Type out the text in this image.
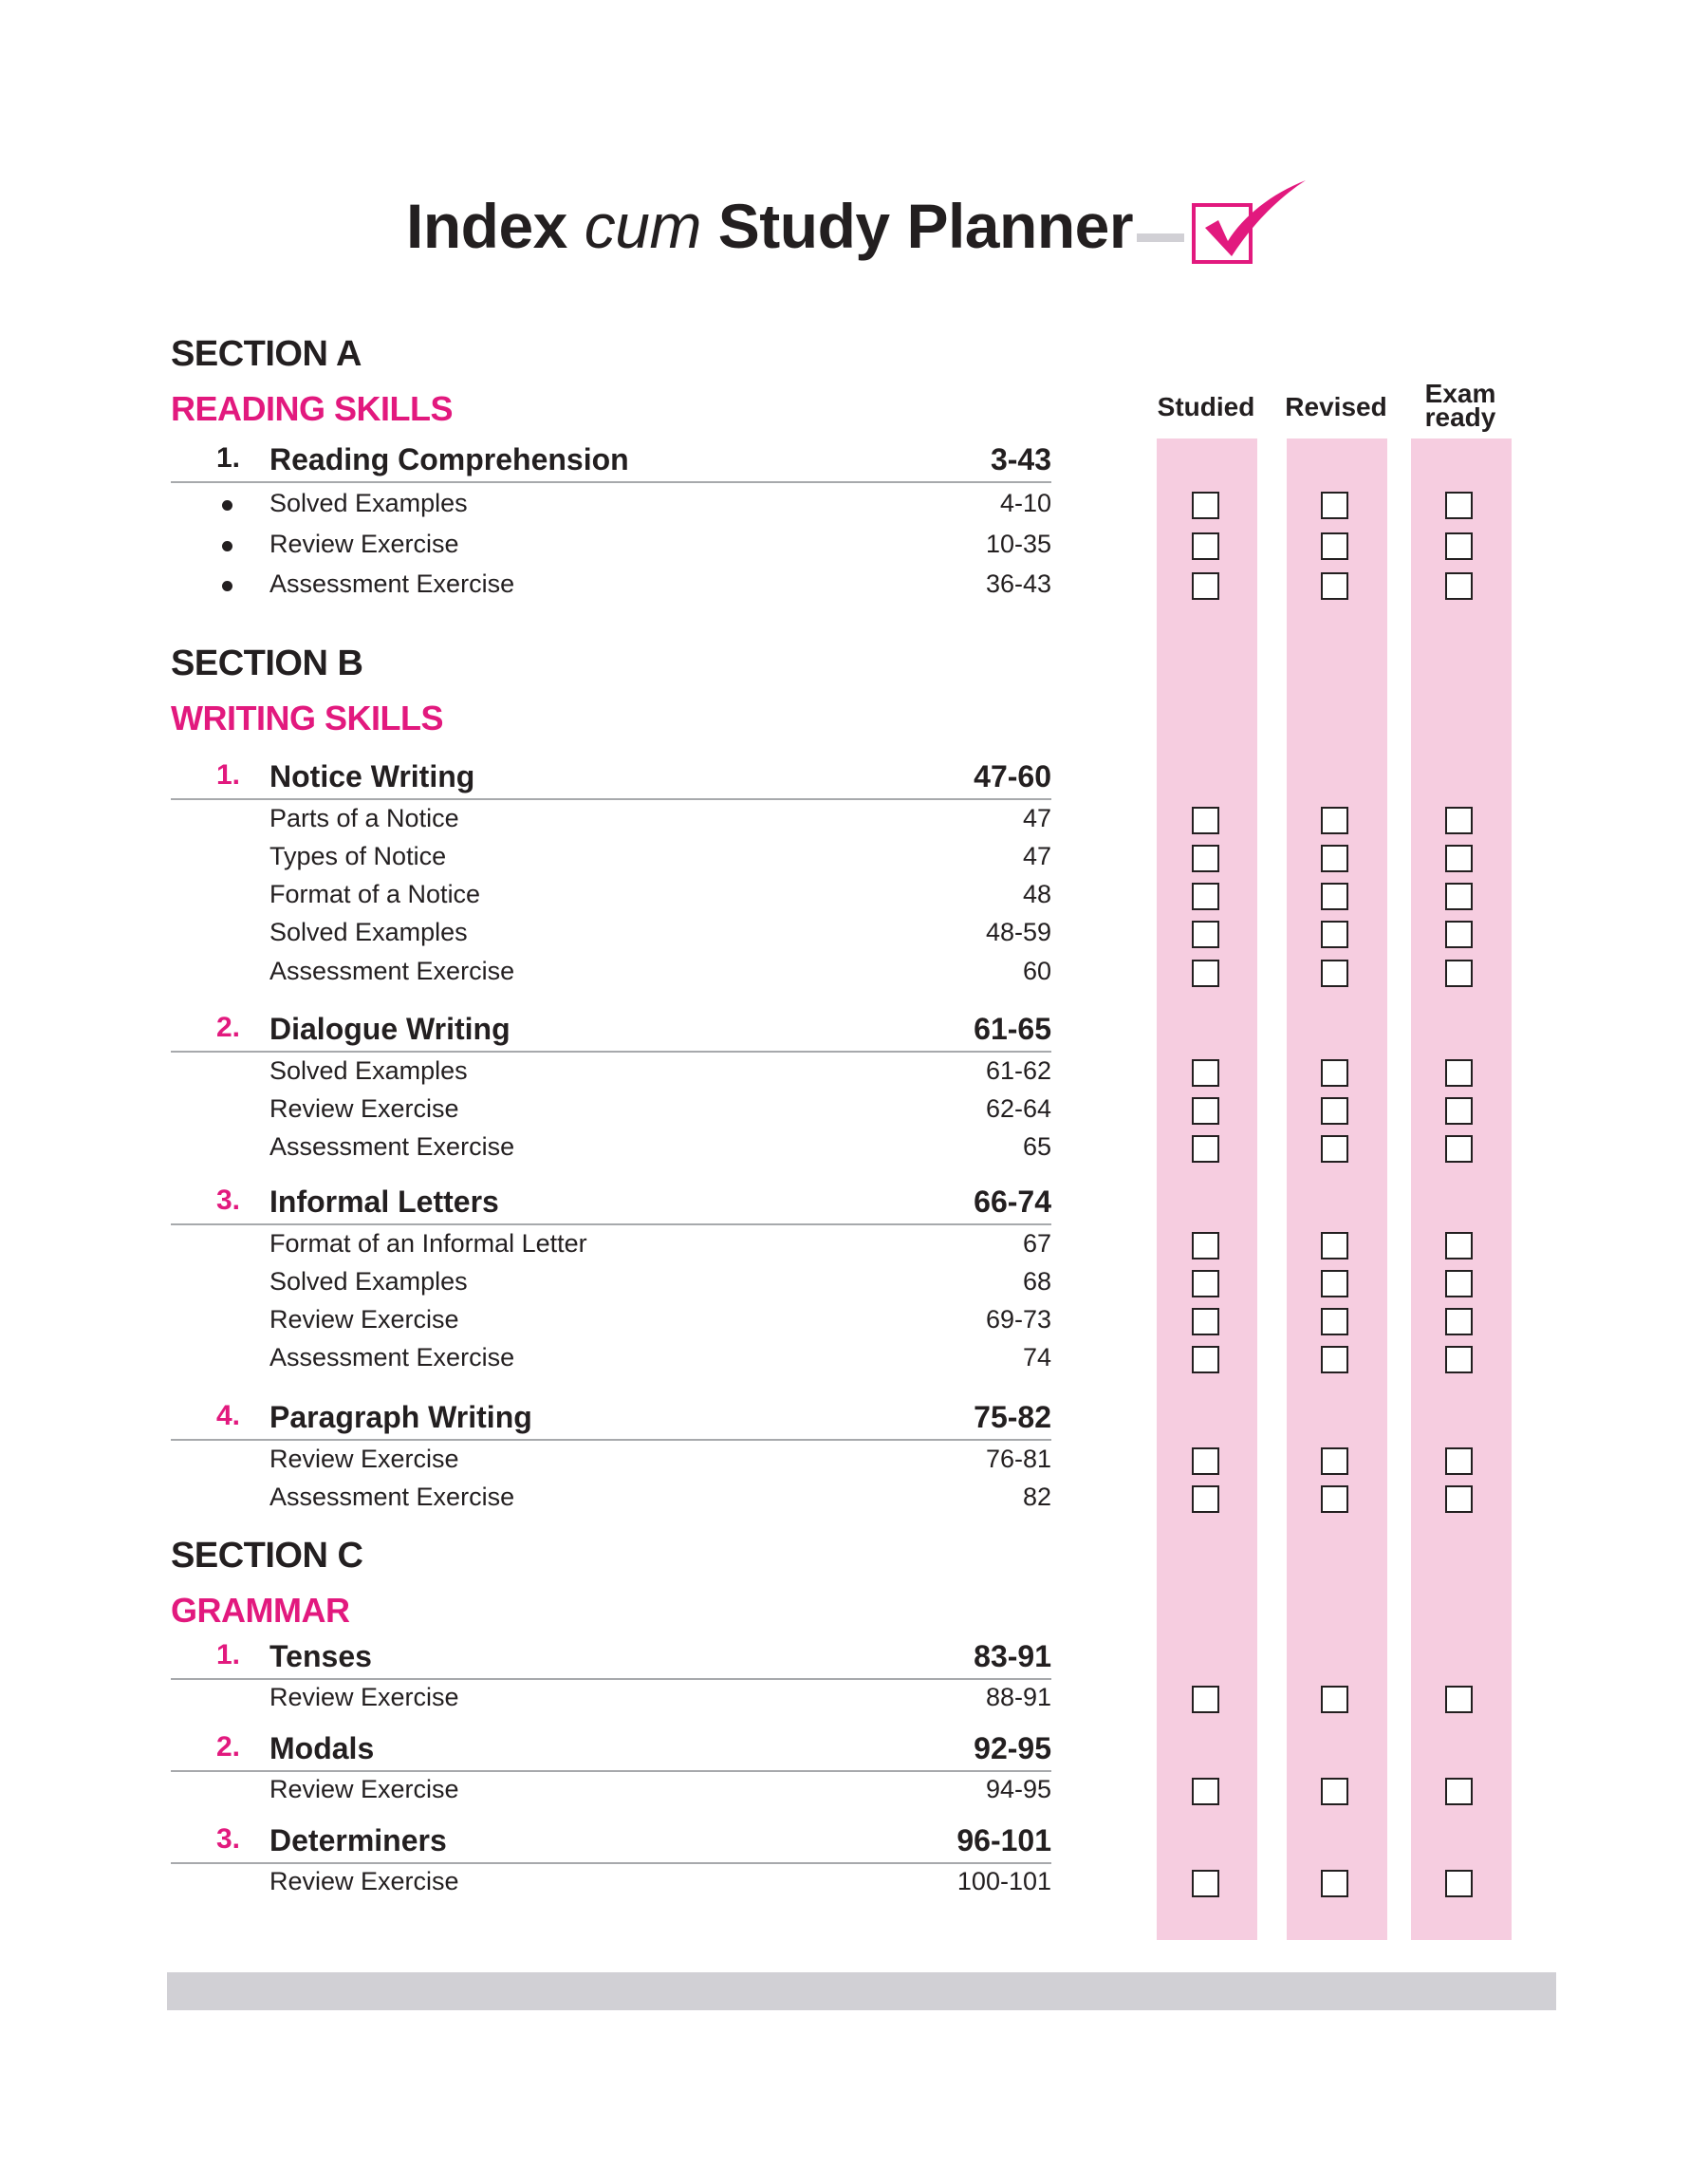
Index cum Study Planner
Studied Revised	Exam
ready
SECTION A
READING SKILLS
SECTION B
WRITING SKILLS
SECTION C
GRAMMAR
1. Reading Comprehension	3-43
Solved Examples	4-10
Review Exercise	10-35
Assessment Exercise	36-43
1. Notice Writing	47-60
Parts of a Notice	47
Types of Notice	47
Format of a Notice	48
Solved Examples	48-59
Assessment Exercise	60
2. Dialogue Writing	61-65
Solved Examples	61-62
Review Exercise	62-64
Assessment Exercise	65
3. Informal Letters	66-74
Format of an Informal Letter	67
Solved Examples	68
Review Exercise	69-73
Assessment Exercise	74
4. Paragraph Writing	75-82
Review Exercise	76-81
Assessment Exercise	82
1. Tenses	83-91
Review Exercise	88-91
2. Modals	92-95
Review Exercise	94-95
3. Determiners	96-101
Review Exercise	100-101
